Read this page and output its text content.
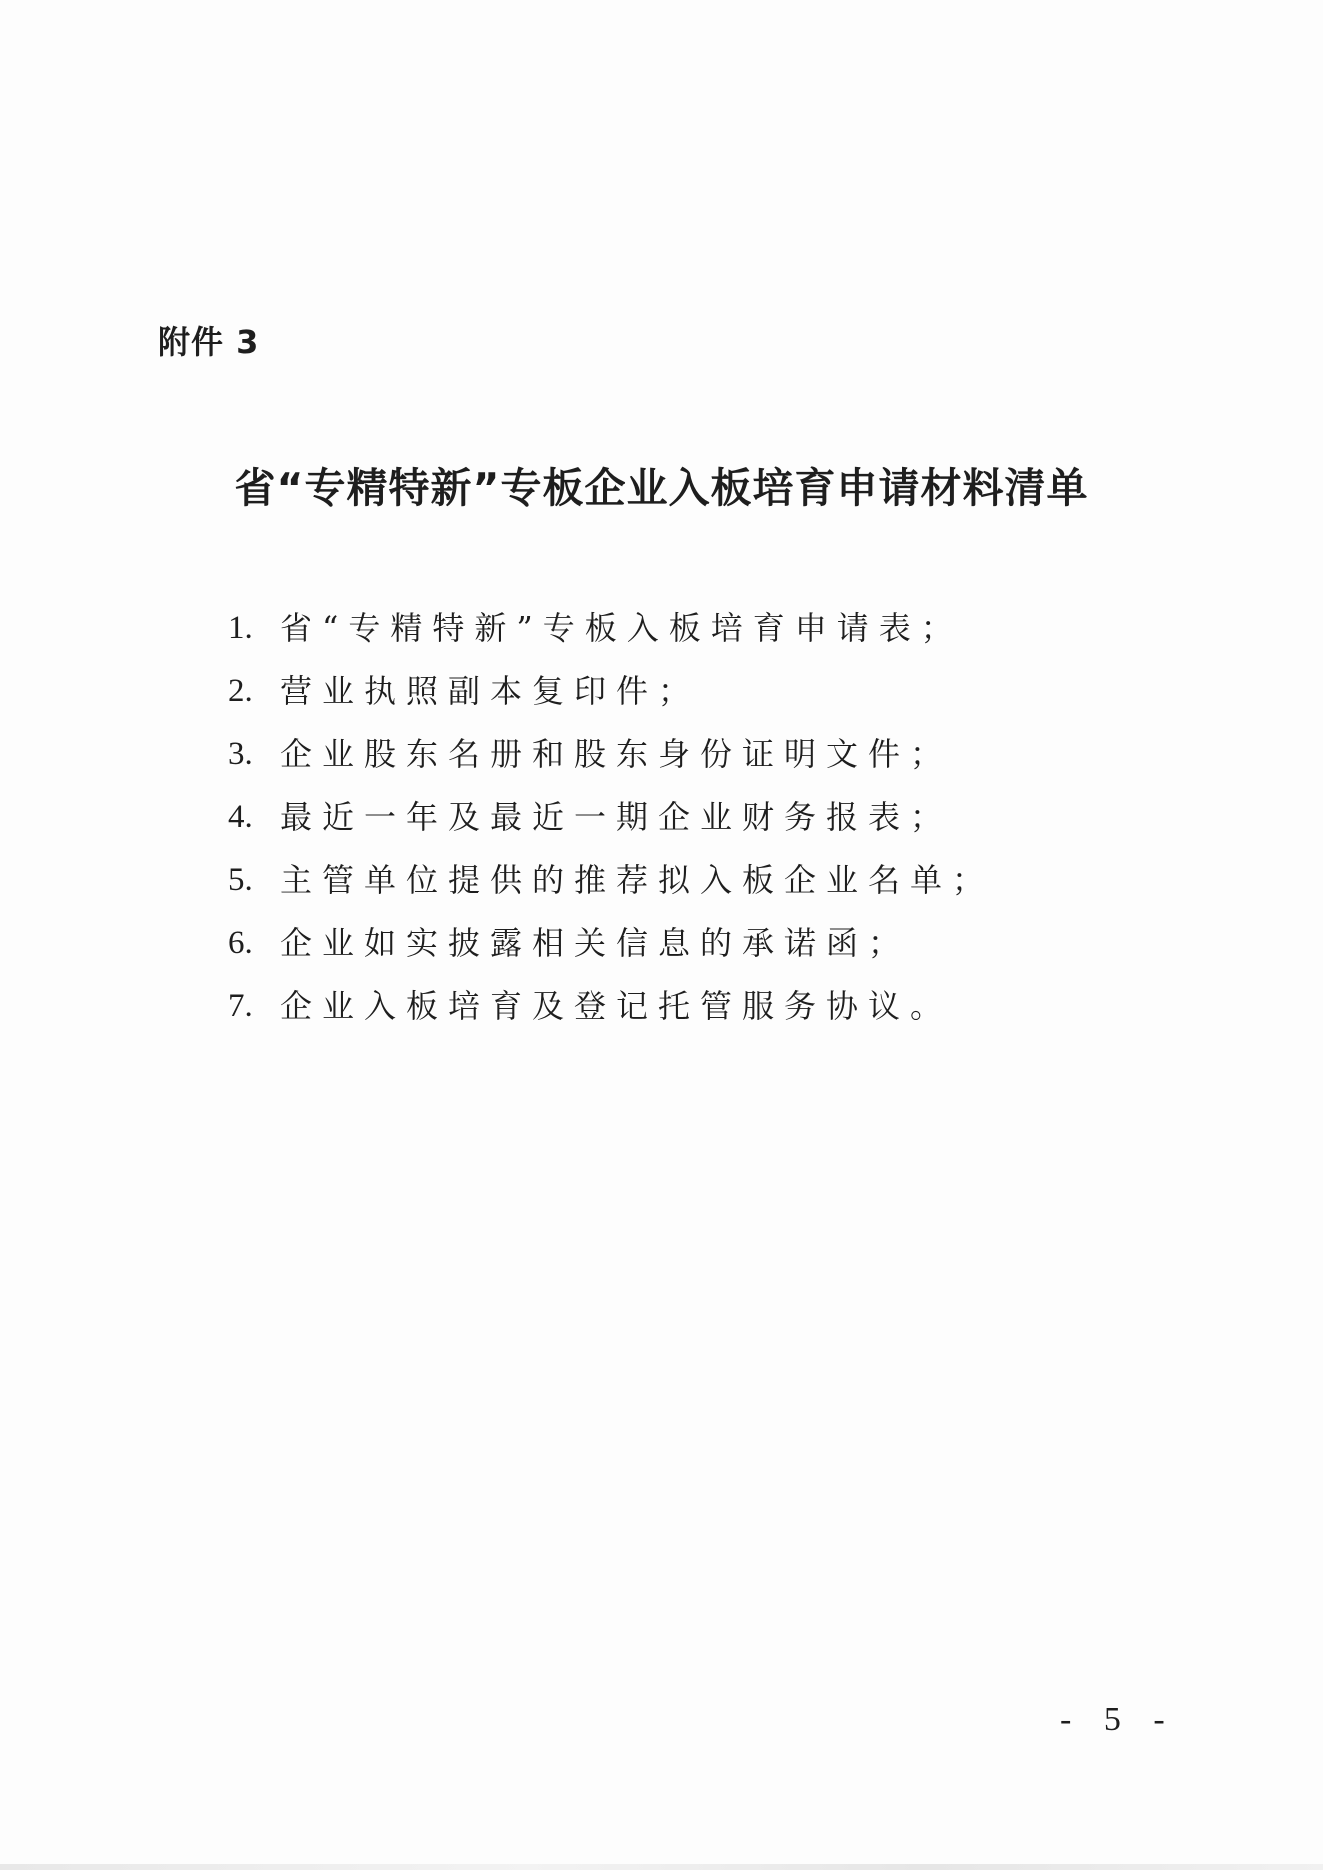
附件 3
省“专精特新”专板企业入板培育申请材料清单
1. 省“专精特新”专板入板培育申请表；
2. 营业执照副本复印件；
3. 企业股东名册和股东身份证明文件；
4. 最近一年及最近一期企业财务报表；
5. 主管单位提供的推荐拟入板企业名单；
6. 企业如实披露相关信息的承诺函；
7. 企业入板培育及登记托管服务协议。
- 5 -
